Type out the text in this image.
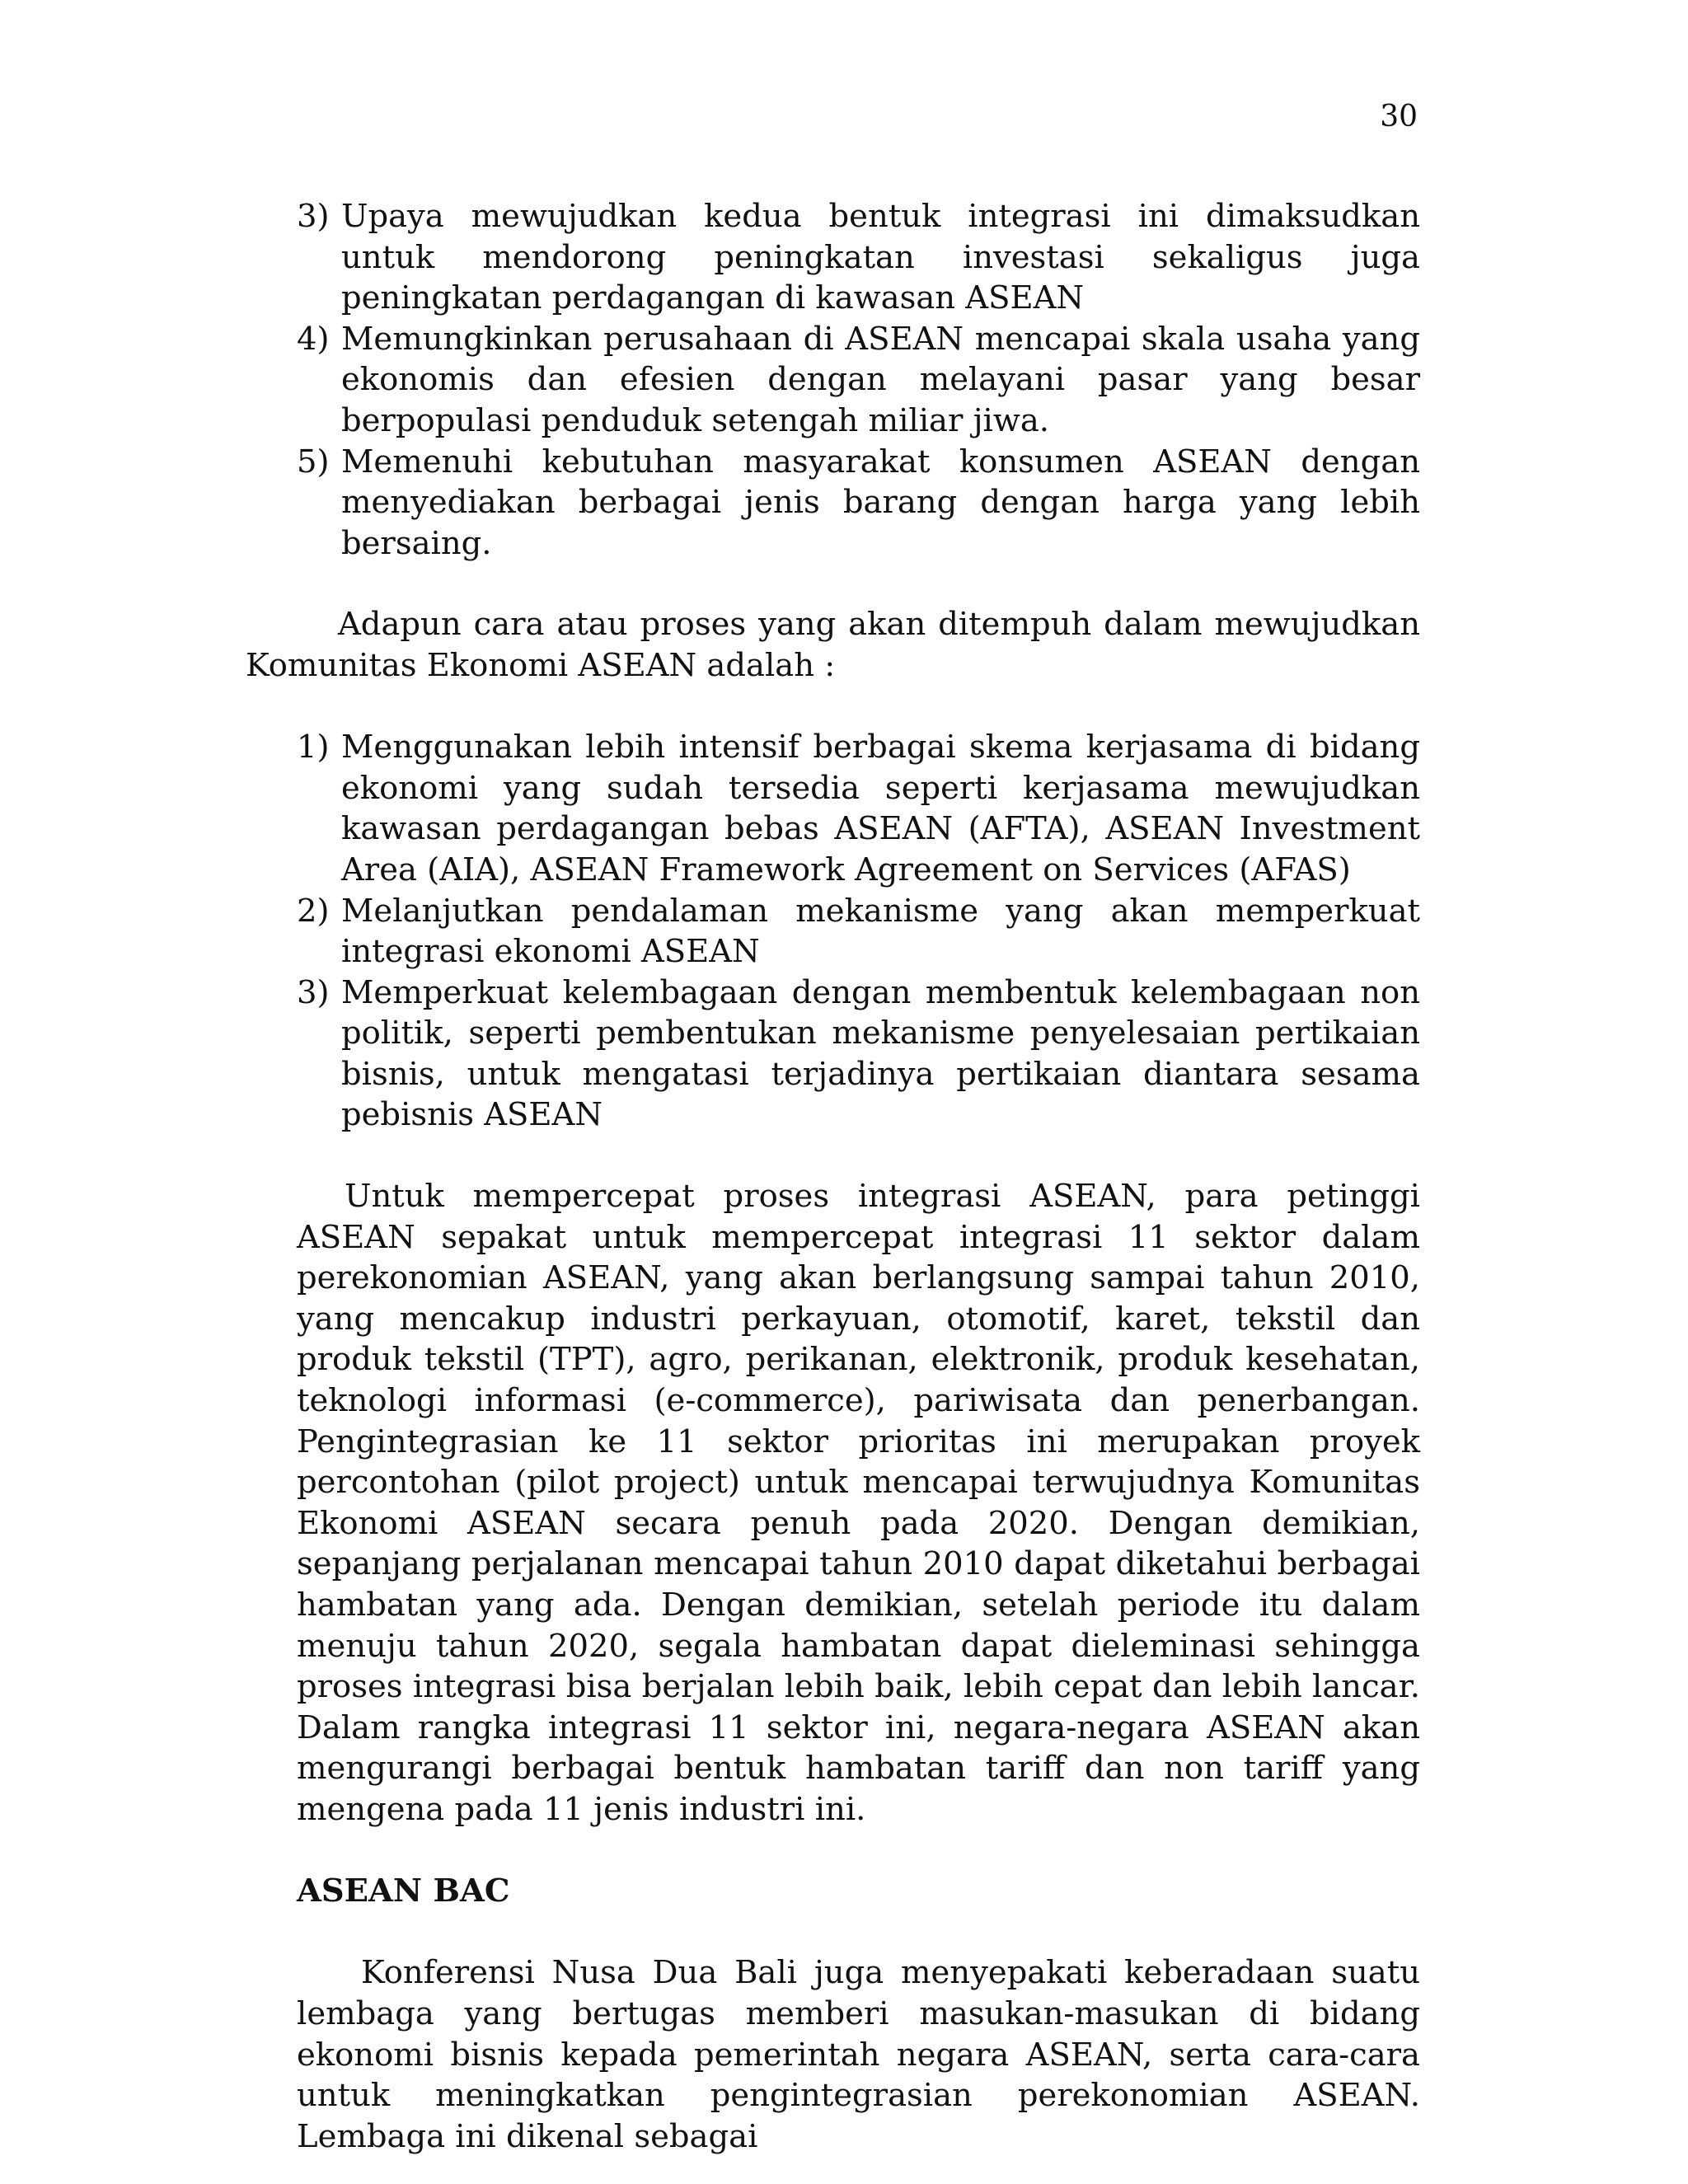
30
3) Upaya mewujudkan kedua bentuk integrasi ini dimaksudkan untuk mendorong peningkatan investasi sekaligus juga peningkatan perdagangan di kawasan ASEAN
4) Memungkinkan perusahaan di ASEAN mencapai skala usaha yang ekonomis dan efesien dengan melayani pasar yang besar berpopulasi penduduk setengah miliar jiwa.
5) Memenuhi kebutuhan masyarakat konsumen ASEAN dengan menyediakan berbagai jenis barang dengan harga yang lebih bersaing.

Adapun cara atau proses yang akan ditempuh dalam mewujudkan Komunitas Ekonomi ASEAN adalah :

1) Menggunakan lebih intensif berbagai skema kerjasama di bidang ekonomi yang sudah tersedia seperti kerjasama mewujudkan kawasan perdagangan bebas ASEAN (AFTA), ASEAN Investment Area (AIA), ASEAN Framework Agreement on Services (AFAS)
2) Melanjutkan pendalaman mekanisme yang akan memperkuat integrasi ekonomi ASEAN
3) Memperkuat kelembagaan dengan membentuk kelembagaan non politik, seperti pembentukan mekanisme penyelesaian pertikaian bisnis, untuk mengatasi terjadinya pertikaian diantara sesama pebisnis ASEAN

Untuk mempercepat proses integrasi ASEAN, para petinggi ASEAN sepakat untuk mempercepat integrasi 11 sektor dalam perekonomian ASEAN, yang akan berlangsung sampai tahun 2010, yang mencakup industri perkayuan, otomotif, karet, tekstil dan produk tekstil (TPT), agro, perikanan, elektronik, produk kesehatan, teknologi informasi (e-commerce), pariwisata dan penerbangan. Pengintegrasian ke 11 sektor prioritas ini merupakan proyek percontohan (pilot project) untuk mencapai terwujudnya Komunitas Ekonomi ASEAN secara penuh pada 2020. Dengan demikian, sepanjang perjalanan mencapai tahun 2010 dapat diketahui berbagai hambatan yang ada. Dengan demikian, setelah periode itu dalam menuju tahun 2020, segala hambatan dapat dieleminasi sehingga proses integrasi bisa berjalan lebih baik, lebih cepat dan lebih lancar. Dalam rangka integrasi 11 sektor ini, negara-negara ASEAN akan mengurangi berbagai bentuk hambatan tariff dan non tariff yang mengena pada 11 jenis industri ini.

ASEAN BAC

Konferensi Nusa Dua Bali juga menyepakati keberadaan suatu lembaga yang bertugas memberi masukan-masukan di bidang ekonomi bisnis kepada pemerintah negara ASEAN, serta cara-cara untuk meningkatkan pengintegrasian perekonomian ASEAN. Lembaga ini dikenal sebagai
